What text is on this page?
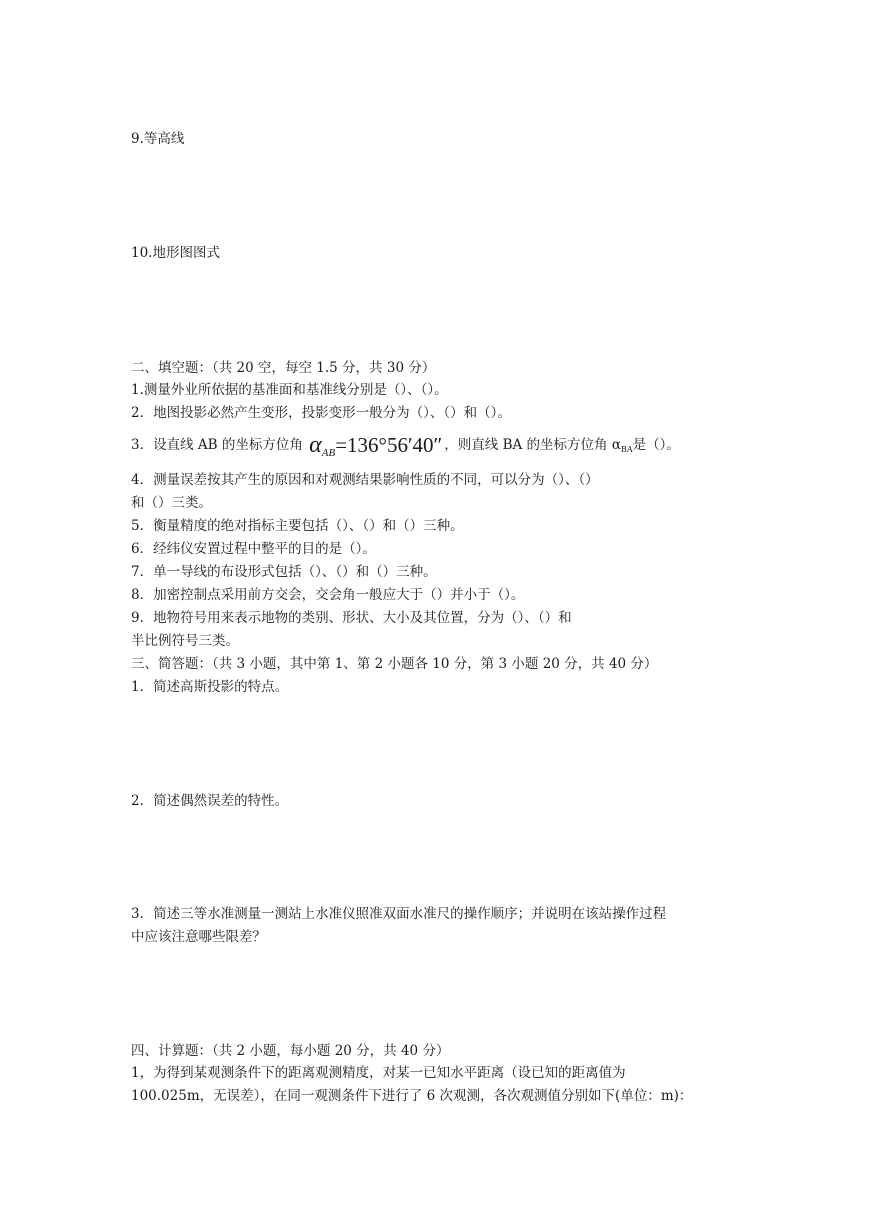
9.等高线
10.地形图图式
二、填空题：（共 20 空，每空 1.5 分，共 30 分）
1.测量外业所依据的基准面和基准线分别是（）、（）。
2．地图投影必然产生变形，投影变形一般分为（）、（）和（）。
3．设直线 AB 的坐标方位角 $\alpha_{AB}=136^\circ 56'40''$ ，则直线 BA 的坐标方位角 $\alpha_{BA}$是（）。
4．测量误差按其产生的原因和对观测结果影响性质的不同，可以分为（）、（）
和（）三类。
5．衡量精度的绝对指标主要包括（）、（）和（）三种。
6．经纬仪安置过程中整平的目的是（）。
7．单一导线的布设形式包括（）、（）和（）三种。
8．加密控制点采用前方交会，交会角一般应大于（）并小于（）。
9．地物符号用来表示地物的类别、形状、大小及其位置，分为（）、（）和
半比例符号三类。
三、简答题：（共 3 小题，其中第 1、第 2 小题各 10 分，第 3 小题 20 分，共 40 分）
1．简述高斯投影的特点。
2．简述偶然误差的特性。
3．简述三等水准测量一测站上水准仪照准双面水准尺的操作顺序；并说明在该站操作过程
中应该注意哪些限差？
四、计算题：（共 2 小题，每小题 20 分，共 40 分）
1，为得到某观测条件下的距离观测精度，对某一已知水平距离（设已知的距离值为
100.025m，无误差），在同一观测条件下进行了 6 次观测，各次观测值分别如下(单位：m)：
